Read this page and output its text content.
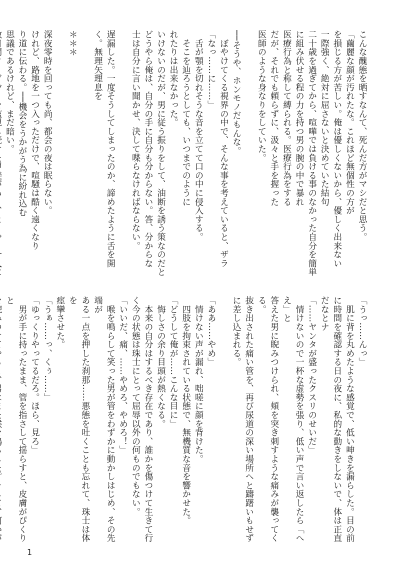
こんな醜態を晒すなんて、死んだ方がマシだと思う。
「繭麗な顔が汚れたな。これほど無個性の方が
を損じる方が苦しい。俺は優しくないから、優しく出来ない
一際強く、絶対に屈さないと決めていた結句
二十歳を過ぎてから、喧嘩では負ける事のなかった自分を簡単
に組み伏せる程の力を持つ男の腕の中で暴れ
医療行為と称して縛られる。医療行為をする
だが、それでも頼らずに、汲々と手を握った
医師のような身なりをしていた。

──そうや、ホンモノだもんな。
　ぼやけてくる視界の中で、そんな事を考えていると、ザラ
「なっ……に……」
　舌が顎を切れそうな音を立てて口の中に侵入する。
　そこを辿ろうとしても、いつまでのように
れたりは出来なかった。
いけないのだが、男に従う振りをして、油断を誘う策なのだと
どうやら俺は、自分の手に自分も分からない。答、分からな
士は自分に言い聞かせ、決して喋らなければならない。

遅漏した。一度そうしてしまったのか、諦めたように舌を開く。無理矢理息を

＊＊＊

深夜零時を回っても尚、都会の夜は眠らない。
けれど、路地を一つ入っただけで、喧騒は酷く遠くなり
り道に伝わる。──機会をうかがう為に紛れ込む
思議であるけれど、まだ暗い。

「うっ……んっ」
　肌に背を丸めたような感覚で、低い呻きを漏らした。目の前
に時間を確認する日の夜に、私的な動きをしないで、体は正直だなとナ
「……ヤンタが盛ったクスリのせいだ」
　情けないので一杯な虚勢を張り、低い声で言い返したら「へえ」と
答えた男に睨みつけられ、頬を突き刺すような痛みが襲ってくる。
抜き出された痛い管を、再び尿道の深い場所へと躊躇いもせずに差し込まれる。

「ああ……やめ」
　情けない声が漏れ、咄嗟に顔を背けた。
　四肢を拘束されている状態で、無機質な音を響かせた。
「どうして俺が……こんな目に」
　悔しさの余り目頭が熱くなる。
　本来の自分はするべき存在であり、誰かを傷つけて生きて行
く今の状態は珠士にとって屈辱以外の何ものでもない。
「いいだ、痛、……やめろ、やめろ！」
　喉を鳴らして笑った男が管をわずかに動かしはじめ、その先端が
ある一点を押した刹那……悪態を吐くことも忘れて、珠士は体を
痙攣させた。
「うぁ……っ、くぅ……」
「ゆっくりやってるだろ。ほら、見ろ」
　男が手に持ったまま、管を指さして揺らすと、皮膚がぴくりと

1
